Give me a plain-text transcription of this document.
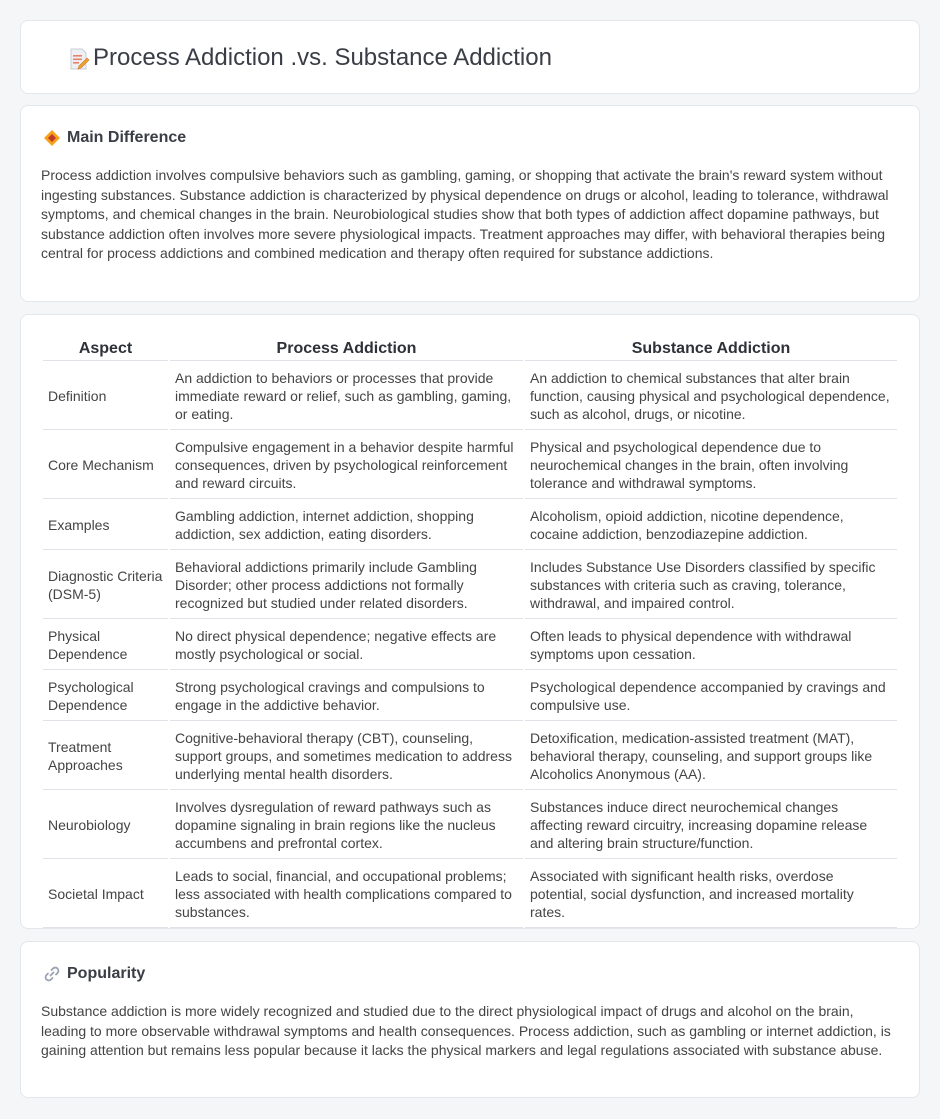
Process Addiction .vs. Substance Addiction
Main Difference

Process addiction involves compulsive behaviors such as gambling, gaming, or shopping that activate the brain's reward system without ingesting substances. Substance addiction is characterized by physical dependence on drugs or alcohol, leading to tolerance, withdrawal symptoms, and chemical changes in the brain. Neurobiological studies show that both types of addiction affect dopamine pathways, but substance addiction often involves more severe physiological impacts. Treatment approaches may differ, with behavioral therapies being central for process addictions and combined medication and therapy often required for substance addictions.

Aspect	Process Addiction	Substance Addiction
Definition	An addiction to behaviors or processes that provide immediate reward or relief, such as gambling, gaming, or eating.	An addiction to chemical substances that alter brain function, causing physical and psychological dependence, such as alcohol, drugs, or nicotine.
Core Mechanism	Compulsive engagement in a behavior despite harmful consequences, driven by psychological reinforcement and reward circuits.	Physical and psychological dependence due to neurochemical changes in the brain, often involving tolerance and withdrawal symptoms.
Examples	Gambling addiction, internet addiction, shopping addiction, sex addiction, eating disorders.	Alcoholism, opioid addiction, nicotine dependence, cocaine addiction, benzodiazepine addiction.
Diagnostic Criteria (DSM-5)	Behavioral addictions primarily include Gambling Disorder; other process addictions not formally recognized but studied under related disorders.	Includes Substance Use Disorders classified by specific substances with criteria such as craving, tolerance, withdrawal, and impaired control.
Physical Dependence	No direct physical dependence; negative effects are mostly psychological or social.	Often leads to physical dependence with withdrawal symptoms upon cessation.
Psychological Dependence	Strong psychological cravings and compulsions to engage in the addictive behavior.	Psychological dependence accompanied by cravings and compulsive use.
Treatment Approaches	Cognitive-behavioral therapy (CBT), counseling, support groups, and sometimes medication to address underlying mental health disorders.	Detoxification, medication-assisted treatment (MAT), behavioral therapy, counseling, and support groups like Alcoholics Anonymous (AA).
Neurobiology	Involves dysregulation of reward pathways such as dopamine signaling in brain regions like the nucleus accumbens and prefrontal cortex.	Substances induce direct neurochemical changes affecting reward circuitry, increasing dopamine release and altering brain structure/function.
Societal Impact	Leads to social, financial, and occupational problems; less associated with health complications compared to substances.	Associated with significant health risks, overdose potential, social dysfunction, and increased mortality rates.
Popularity

Substance addiction is more widely recognized and studied due to the direct physiological impact of drugs and alcohol on the brain, leading to more observable withdrawal symptoms and health consequences. Process addiction, such as gambling or internet addiction, is gaining attention but remains less popular because it lacks the physical markers and legal regulations associated with substance abuse.
